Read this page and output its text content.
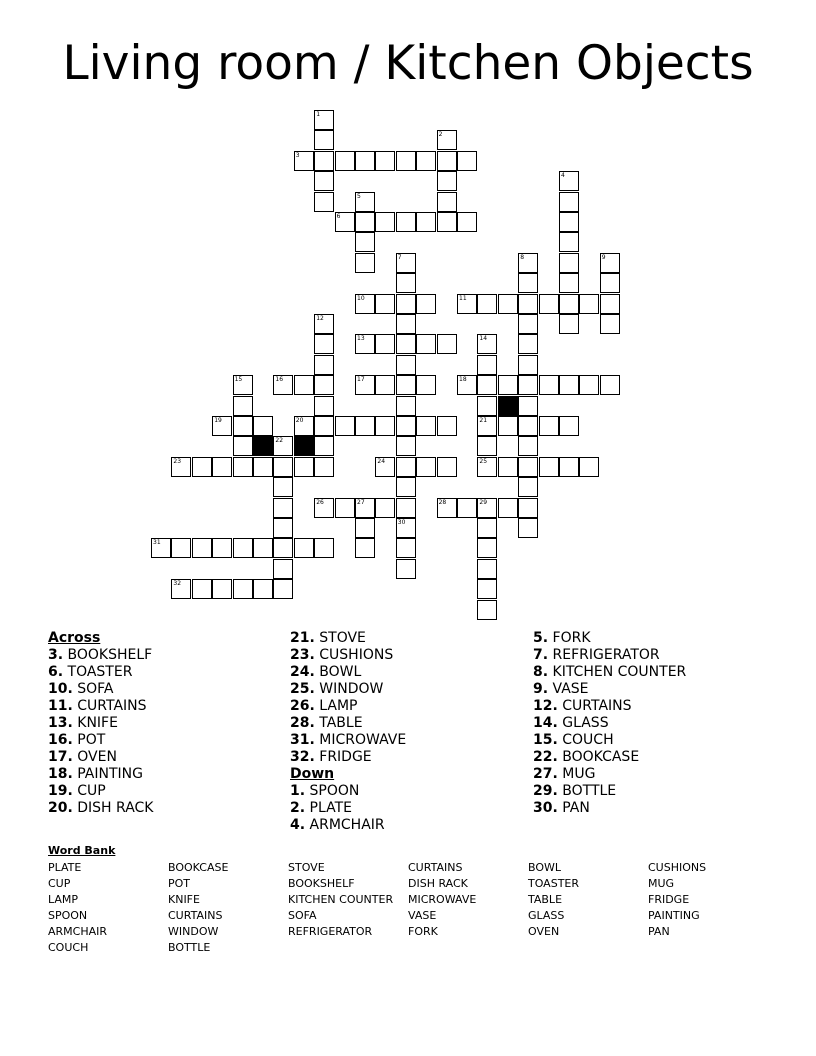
Living room / Kitchen Objects
1
2
3
4
5
6
7	8	9
10	11
12
13	14
15	16	17	18
19	20	21
22
23	24	25
26	27	28	29
30
31
32
Across
3. BOOKSHELF
6. TOASTER
10. SOFA
11. CURTAINS
13. KNIFE
16. POT
17. OVEN
18. PAINTING
19. CUP
20. DISH RACK
21. STOVE
23. CUSHIONS
24. BOWL
25. WINDOW
26. LAMP
28. TABLE
31. MICROWAVE
32. FRIDGE
Down
1. SPOON
2. PLATE
4. ARMCHAIR
5. FORK
7. REFRIGERATOR
8. KITCHEN COUNTER
9. VASE
12. CURTAINS
14. GLASS
15. COUCH
22. BOOKCASE
27. MUG
29. BOTTLE
30. PAN
Word Bank
PLATE
CUP
LAMP
SPOON
ARMCHAIR
COUCH
BOOKCASE
POT
KNIFE
CURTAINS
WINDOW
BOTTLE
STOVE
BOOKSHELF
KITCHEN COUNTER
SOFA
REFRIGERATOR
CURTAINS
DISH RACK
MICROWAVE
VASE
FORK
BOWL
TOASTER
TABLE
GLASS
OVEN
CUSHIONS
MUG
FRIDGE
PAINTING
PAN
